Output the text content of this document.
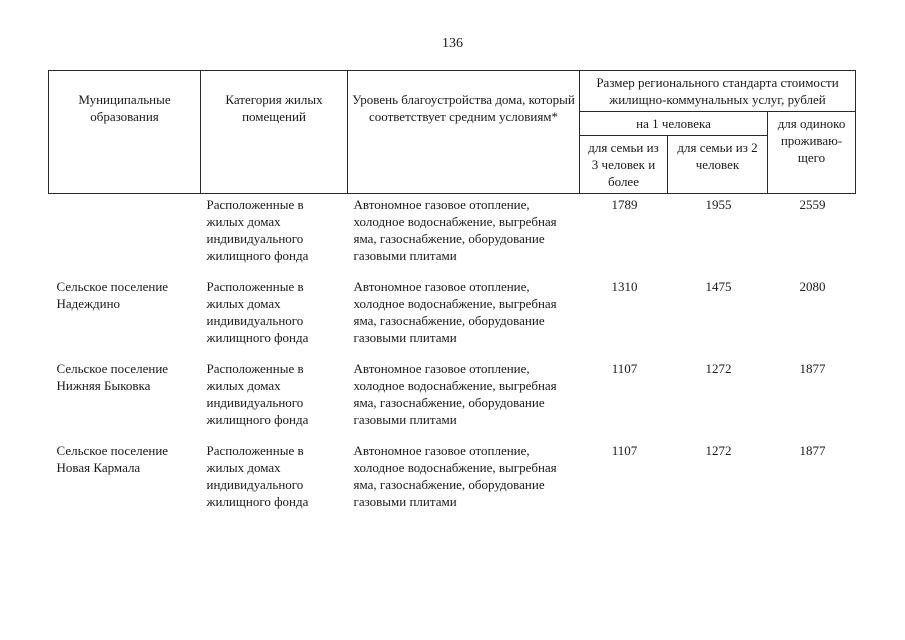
136
Муниципальные образования	Категория жилых помещений	Уровень благоустройства дома, который соответствует средним условиям*	Размер регионального стандарта стоимости жилищно-коммунальных услуг, рублей		
			на 1 человека		для одиноко проживаю-щего
			для семьи из 3 человек и более	для семьи из 2 человек	
	Расположенные в жилых домах индивидуального жилищного фонда	Автономное газовое отопление, холодное водоснабжение, выгребная яма, газоснабжение, оборудование газовыми плитами	1789	1955	2559
Сельское поселение Надеждино	Расположенные в жилых домах индивидуального жилищного фонда	Автономное газовое отопление, холодное водоснабжение, выгребная яма, газоснабжение, оборудование газовыми плитами	1310	1475	2080
Сельское поселение Нижняя Быковка	Расположенные в жилых домах индивидуального жилищного фонда	Автономное газовое отопление, холодное водоснабжение, выгребная яма, газоснабжение, оборудование газовыми плитами	1107	1272	1877
Сельское поселение Новая Кармала	Расположенные в жилых домах индивидуального жилищного фонда	Автономное газовое отопление, холодное водоснабжение, выгребная яма, газоснабжение, оборудование газовыми плитами	1107	1272	1877
